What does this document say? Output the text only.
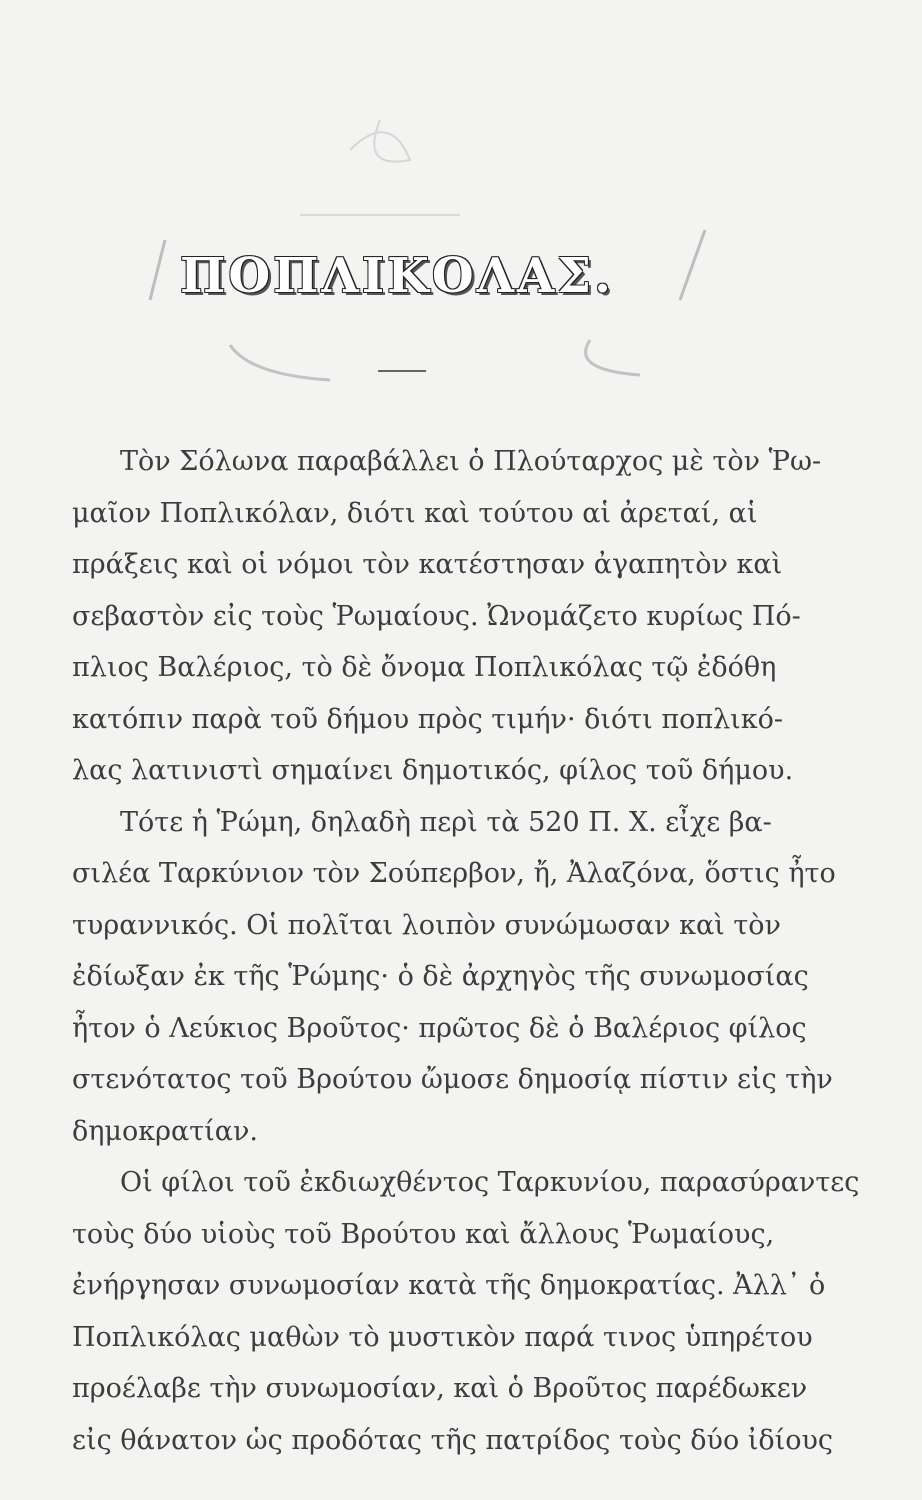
ΠΟΠΛΙΚΟΛΑΣ.

Τὸν Σόλωνα παραβάλλει ὁ Πλούταρχος μὲ τὸν Ῥω-

μαῖον Ποπλικόλαν, διότι καὶ τούτου αἱ ἀρεταί, αἱ
πράξεις καὶ οἱ νόμοι τὸν κατέστησαν ἀγαπητὸν καὶ
σεβαστὸν εἰς τοὺς Ῥωμαίους. Ὠνομάζετο κυρίως Πό-
πλιος Βαλέριος, τὸ δὲ ὄνομα Ποπλικόλας τῷ ἐδόθη
κατόπιν παρὰ τοῦ δήμου πρὸς τιμήν· διότι ποπλικό-
λας λατινιστὶ σημαίνει δημοτικός, φίλος τοῦ δήμου.

Τότε ἡ Ῥώμη, δηλαδὴ περὶ τὰ 520 Π. Χ. εἶχε βα-

σιλέα Ταρκύνιον τὸν Σούπερβον, ἤ, Ἀλαζόνα, ὅστις ἦτο
τυραννικός. Οἱ πολῖται λοιπὸν συνώμωσαν καὶ τὸν
ἐδίωξαν ἐκ τῆς Ῥώμης· ὁ δὲ ἀρχηγὸς τῆς συνωμοσίας
ἦτον ὁ Λεύκιος Βροῦτος· πρῶτος δὲ ὁ Βαλέριος φίλος
στενότατος τοῦ Βρούτου ὤμοσε δημοσίᾳ πίστιν εἰς τὴν
δημοκρατίαν.

Οἱ φίλοι τοῦ ἐκδιωχθέντος Ταρκυνίου, παρασύραντες

τοὺς δύο υἱοὺς τοῦ Βρούτου καὶ ἄλλους Ῥωμαίους,
ἐνήργησαν συνωμοσίαν κατὰ τῆς δημοκρατίας. Ἀλλ᾽ ὁ
Ποπλικόλας μαθὼν τὸ μυστικὸν παρά τινος ὑπηρέτου
προέλαβε τὴν συνωμοσίαν, καὶ ὁ Βροῦτος παρέδωκεν
εἰς θάνατον ὡς προδότας τῆς πατρίδος τοὺς δύο ἰδίους
